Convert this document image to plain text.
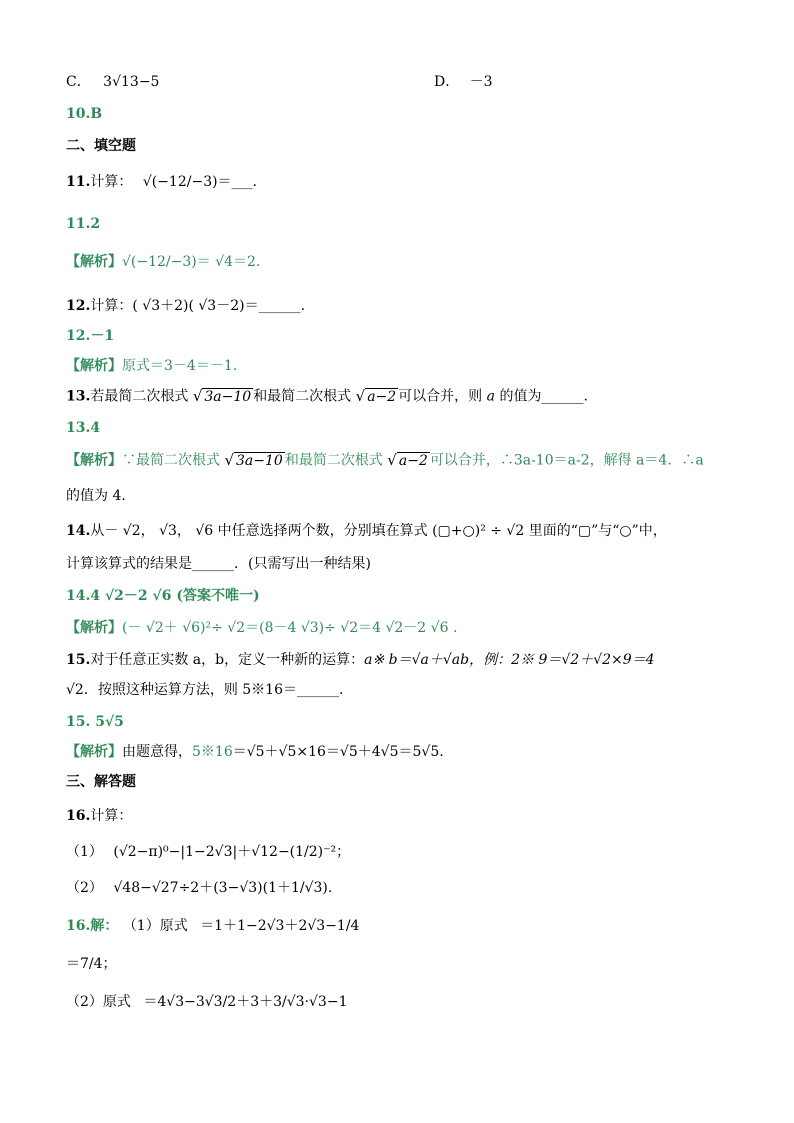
C． 3√13−5	D． －3
10.B
二、填空题
11.计算： √(−12/−3)＝___.
11.2
【解析】√(−12/−3)＝ √4＝2.
12.计算：( √3＋2)( √3－2)＝______.
12.－1
【解析】原式＝3－4＝－1.
13.若最简二次根式 √ 3a−10 和最简二次根式 √ a−2 可以合并，则 a 的值为______.
13.4
【解析】∵最简二次根式 √ 3a−10 和最简二次根式 √ a−2 可以合并，∴3a-10＝a-2，解得 a＝4．∴a
的值为 4.
14.从－ √2， √3， √6 中任意选择两个数，分别填在算式 (▢+○)² ÷ √2 里面的“▢”与“○”中，
计算该算式的结果是______．(只需写出一种结果)
14.4 √2－2 √6 (答案不唯一)
【解析】(－ √2＋ √6)²÷ √2＝(8－4 √3)÷ √2＝4 √2－2 √6 .
15.对于任意正实数 a，b，定义一种新的运算：a※ b＝√a＋√ab，例：2※ 9＝√2＋√2×9＝4
√2．按照这种运算方法，则 5※16＝______.
15. 5√5
【解析】由题意得，5※16＝√5＋√5×16＝√5＋4√5＝5√5.
三、解答题
16.计算：
（1） (√2−π)⁰−|1−2√3|＋√12−(1/2)⁻²；
（2） √48−√27÷2＋(3−√3)(1＋1/√3).
16.解： （1）原式 ＝1＋1−2√3＋2√3−1/4
＝7/4；
（2）原式 ＝4√3−3√3/2＋3＋3/√3·√3−1
